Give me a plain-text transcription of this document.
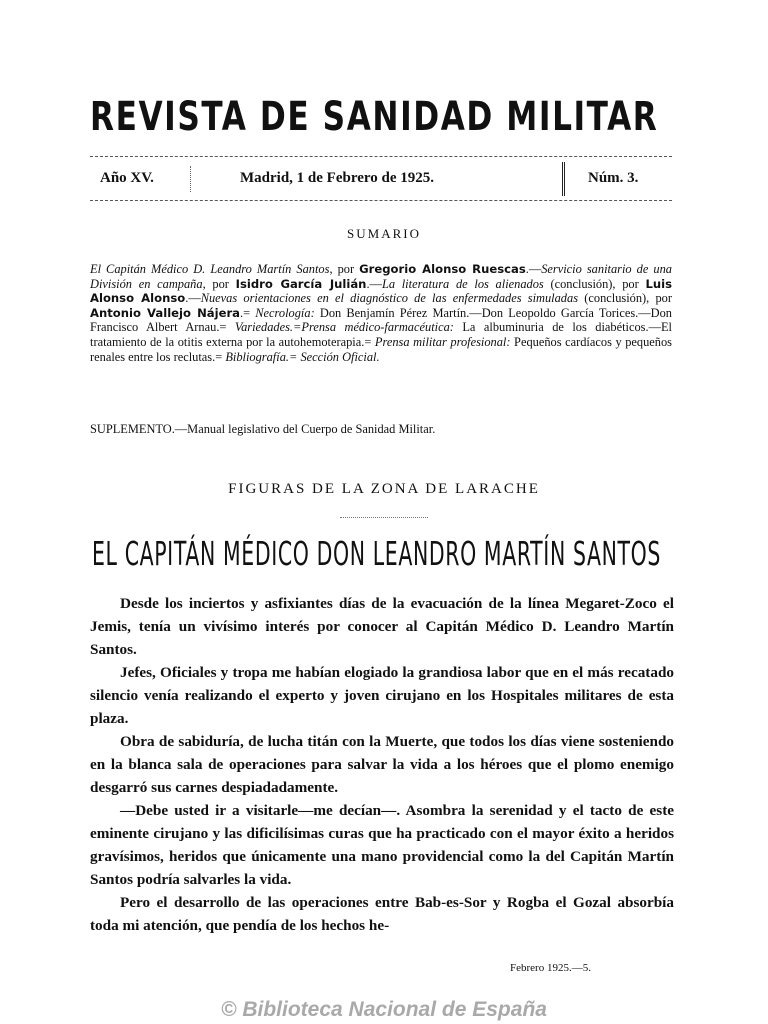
REVISTA DE SANIDAD MILITAR
Año XV.	Madrid, 1 de Febrero de 1925.	Núm. 3.
SUMARIO
El Capitán Médico D. Leandro Martín Santos, por Gregorio Alonso Ruescas.—Servicio sanitario de una División en campaña, por Isidro García Julián.—La literatura de los alienados (conclusión), por Luis Alonso Alonso.—Nuevas orientaciones en el diagnóstico de las enfermedades simuladas (conclusión), por Antonio Vallejo Nájera.= Necrología: Don Benjamín Pérez Martín.—Don Leopoldo García Torices.—Don Francisco Albert Arnau.= Variedades.=Prensa médico-farmacéutica: La albuminuria de los diabéticos.—El tratamiento de la otitis externa por la autohemoterapia.= Prensa militar profesional: Pequeños cardíacos y pequeños renales entre los reclutas.= Bibliografía.= Sección Oficial.
SUPLEMENTO.—Manual legislativo del Cuerpo de Sanidad Militar.
FIGURAS DE LA ZONA DE LARACHE
EL CAPITÁN MÉDICO DON LEANDRO MARTÍN SANTOS

Desde los inciertos y asfixiantes días de la evacuación de la línea Megaret-Zoco el Jemis, tenía un vivísimo interés por conocer al Capitán Médico D. Leandro Martín Santos.

Jefes, Oficiales y tropa me habían elogiado la grandiosa labor que en el más recatado silencio venía realizando el experto y joven cirujano en los Hospitales militares de esta plaza.

Obra de sabiduría, de lucha titán con la Muerte, que todos los días viene sosteniendo en la blanca sala de operaciones para salvar la vida a los héroes que el plomo enemigo desgarró sus carnes despiadadamente.

—Debe usted ir a visitarle—me decían—. Asombra la serenidad y el tacto de este eminente cirujano y las dificilísimas curas que ha practicado con el mayor éxito a heridos gravísimos, heridos que únicamente una mano providencial como la del Capitán Martín Santos podría salvarles la vida.

Pero el desarrollo de las operaciones entre Bab-es-Sor y Rogba el Gozal absorbía toda mi atención, que pendía de los hechos he-

Febrero 1925.—5.
© Biblioteca Nacional de España
